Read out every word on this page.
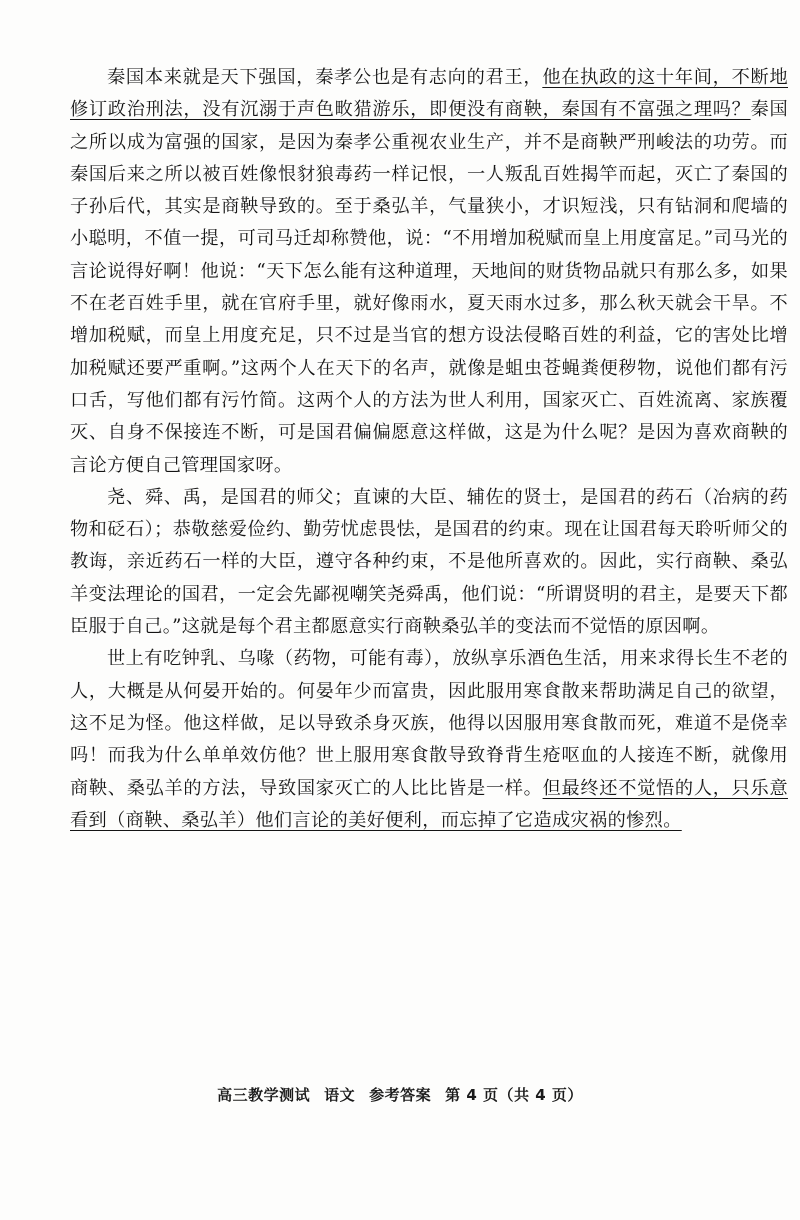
秦国本来就是天下强国，秦孝公也是有志向的君王，他在执政的这十年间，不断地修订政治刑法，没有沉溺于声色畋猎游乐，即便没有商鞅，秦国有不富强之理吗？秦国之所以成为富强的国家，是因为秦孝公重视农业生产，并不是商鞅严刑峻法的功劳。而秦国后来之所以被百姓像恨豺狼毒药一样记恨，一人叛乱百姓揭竿而起，灭亡了秦国的子孙后代，其实是商鞅导致的。至于桑弘羊，气量狭小，才识短浅，只有钻洞和爬墙的小聪明，不值一提，可司马迁却称赞他，说：“不用增加税赋而皇上用度富足。”司马光的言论说得好啊！他说：“天下怎么能有这种道理，天地间的财货物品就只有那么多，如果不在老百姓手里，就在官府手里，就好像雨水，夏天雨水过多，那么秋天就会干旱。不增加税赋，而皇上用度充足，只不过是当官的想方设法侵略百姓的利益，它的害处比增加税赋还要严重啊。”这两个人在天下的名声，就像是蛆虫苍蝇粪便秽物，说他们都有污口舌，写他们都有污竹简。这两个人的方法为世人利用，国家灭亡、百姓流离、家族覆灭、自身不保接连不断，可是国君偏偏愿意这样做，这是为什么呢？是因为喜欢商鞅的言论方便自己管理国家呀。

尧、舜、禹，是国君的师父；直谏的大臣、辅佐的贤士，是国君的药石（冶病的药物和砭石）；恭敬慈爱俭约、勤劳忧虑畏怯，是国君的约束。现在让国君每天聆听师父的教诲，亲近药石一样的大臣，遵守各种约束，不是他所喜欢的。因此，实行商鞅、桑弘羊变法理论的国君，一定会先鄙视嘲笑尧舜禹，他们说：“所谓贤明的君主，是要天下都臣服于自己。”这就是每个君主都愿意实行商鞅桑弘羊的变法而不觉悟的原因啊。

世上有吃钟乳、乌喙（药物，可能有毒），放纵享乐酒色生活，用来求得长生不老的人，大概是从何晏开始的。何晏年少而富贵，因此服用寒食散来帮助满足自己的欲望，这不足为怪。他这样做，足以导致杀身灭族，他得以因服用寒食散而死，难道不是侥幸吗！而我为什么单单效仿他？世上服用寒食散导致脊背生疮呕血的人接连不断，就像用商鞅、桑弘羊的方法，导致国家灭亡的人比比皆是一样。但最终还不觉悟的人，只乐意看到（商鞅、桑弘羊）他们言论的美好便利，而忘掉了它造成灾祸的惨烈。

高三教学测试 语文 参考答案 第 4 页（共 4 页）
